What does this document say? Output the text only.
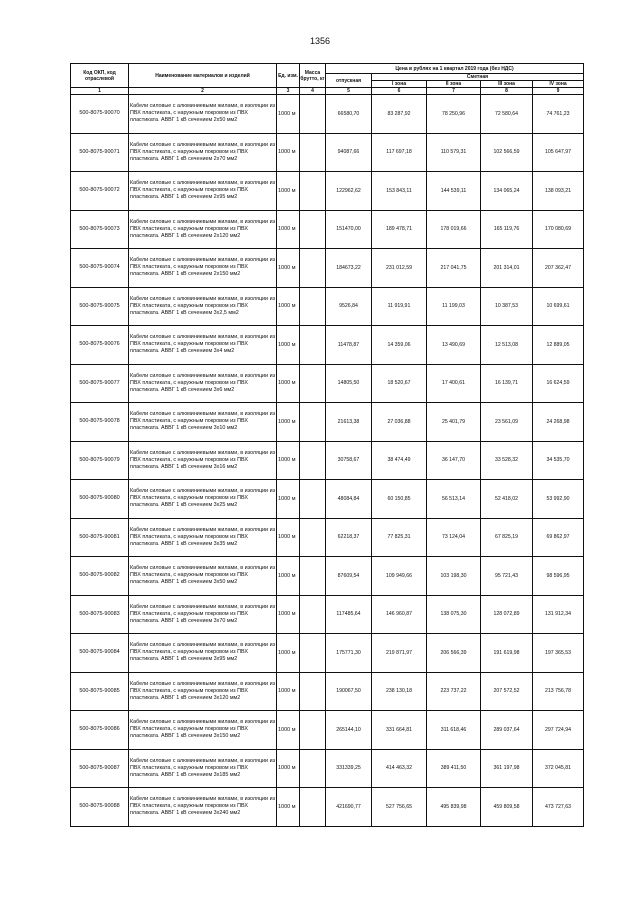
1356
Код ОКП, код отраслевой	Наименование материалов и изделий	Ед. изм.	Масса брутто, кг	Цена в рублях на 1 квартал 2019 года (без НДС)				
				отпускная	Сметная			
					I зона	II зона	III зона	IV зона
1	2	3	4	5	6	7	8	9
500-8075-90070	Кабели силовые с алюминиевыми жилами, в изоляции из ПВХ пластиката, с наружным покровом из ПВХ пластиката. АВВГ 1 кВ сечением 2х50 мм2	1000 м		66580,70	83 287,92	78 250,96	72 580,64	74 761,23
500-8075-90071	Кабели силовые с алюминиевыми жилами, в изоляции из ПВХ пластиката, с наружным покровом из ПВХ пластиката. АВВГ 1 кВ сечением 2х70 мм2	1000 м		94087,66	117 697,18	110 579,31	102 566,59	105 647,97
500-8075-90072	Кабели силовые с алюминиевыми жилами, в изоляции из ПВХ пластиката, с наружным покровом из ПВХ пластиката. АВВГ 1 кВ сечением 2х95 мм2	1000 м		122962,62	153 843,11	144 539,11	134 065,24	138 093,21
500-8075-90073	Кабели силовые с алюминиевыми жилами, в изоляции из ПВХ пластиката, с наружным покровом из ПВХ пластиката. АВВГ 1 кВ сечением 2х120 мм2	1000 м		151470,00	189 478,71	178 019,66	165 119,76	170 080,69
500-8075-90074	Кабели силовые с алюминиевыми жилами, в изоляции из ПВХ пластиката, с наружным покровом из ПВХ пластиката. АВВГ 1 кВ сечением 2х150 мм2	1000 м		184673,22	231 012,59	217 041,75	201 314,01	207 362,47
500-8075-90075	Кабели силовые с алюминиевыми жилами, в изоляции из ПВХ пластиката, с наружным покровом из ПВХ пластиката. АВВГ 1 кВ сечением 3х2,5 мм2	1000 м		9526,84	11 919,91	11 199,03	10 387,53	10 699,61
500-8075-90076	Кабели силовые с алюминиевыми жилами, в изоляции из ПВХ пластиката, с наружным покровом из ПВХ пластиката. АВВГ 1 кВ сечением 3х4 мм2	1000 м		11478,87	14 359,06	13 490,69	12 513,08	12 889,05
500-8075-90077	Кабели силовые с алюминиевыми жилами, в изоляции из ПВХ пластиката, с наружным покровом из ПВХ пластиката. АВВГ 1 кВ сечением 3х6 мм2	1000 м		14805,50	18 520,67	17 400,61	16 139,71	16 624,59
500-8075-90078	Кабели силовые с алюминиевыми жилами, в изоляции из ПВХ пластиката, с наружным покровом из ПВХ пластиката. АВВГ 1 кВ сечением 3х10 мм2	1000 м		21613,38	27 036,88	25 401,79	23 561,09	24 268,98
500-8075-90079	Кабели силовые с алюминиевыми жилами, в изоляции из ПВХ пластиката, с наружным покровом из ПВХ пластиката. АВВГ 1 кВ сечением 3х16 мм2	1000 м		30758,67	38 474,49	36 147,70	33 528,32	34 535,70
500-8075-90080	Кабели силовые с алюминиевыми жилами, в изоляции из ПВХ пластиката, с наружным покровом из ПВХ пластиката. АВВГ 1 кВ сечением 3х25 мм2	1000 м		48084,84	60 150,85	56 513,14	52 418,02	53 992,90
500-8075-90081	Кабели силовые с алюминиевыми жилами, в изоляции из ПВХ пластиката, с наружным покровом из ПВХ пластиката. АВВГ 1 кВ сечением 3х35 мм2	1000 м		62218,37	77 825,31	73 124,04	67 825,19	69 862,97
500-8075-90082	Кабели силовые с алюминиевыми жилами, в изоляции из ПВХ пластиката, с наружным покровом из ПВХ пластиката. АВВГ 1 кВ сечением 3х50 мм2	1000 м		87609,54	109 949,66	103 198,30	95 721,43	98 596,95
500-8075-90083	Кабели силовые с алюминиевыми жилами, в изоляции из ПВХ пластиката, с наружным покровом из ПВХ пластиката. АВВГ 1 кВ сечением 3х70 мм2	1000 м		117485,64	146 960,87	138 075,30	128 072,89	131 912,34
500-8075-90084	Кабели силовые с алюминиевыми жилами, в изоляции из ПВХ пластиката, с наружным покровом из ПВХ пластиката. АВВГ 1 кВ сечением 3х95 мм2	1000 м		175771,30	219 871,97	206 566,39	191 619,98	197 365,53
500-8075-90085	Кабели силовые с алюминиевыми жилами, в изоляции из ПВХ пластиката, с наружным покровом из ПВХ пластиката. АВВГ 1 кВ сечением 3х120 мм2	1000 м		190067,50	238 130,18	223 737,22	207 572,52	213 756,78
500-8075-90086	Кабели силовые с алюминиевыми жилами, в изоляции из ПВХ пластиката, с наружным покровом из ПВХ пластиката. АВВГ 1 кВ сечением 3х150 мм2	1000 м		265144,10	331 664,81	311 618,46	289 037,64	297 724,94
500-8075-90087	Кабели силовые с алюминиевыми жилами, в изоляции из ПВХ пластиката, с наружным покровом из ПВХ пластиката. АВВГ 1 кВ сечением 3х185 мм2	1000 м		331339,25	414 463,32	389 411,50	361 197,98	372 045,81
500-8075-90088	Кабели силовые с алюминиевыми жилами, в изоляции из ПВХ пластиката, с наружным покровом из ПВХ пластиката. АВВГ 1 кВ сечением 3х240 мм2	1000 м		421690,77	527 756,65	495 839,98	459 809,58	473 727,63
